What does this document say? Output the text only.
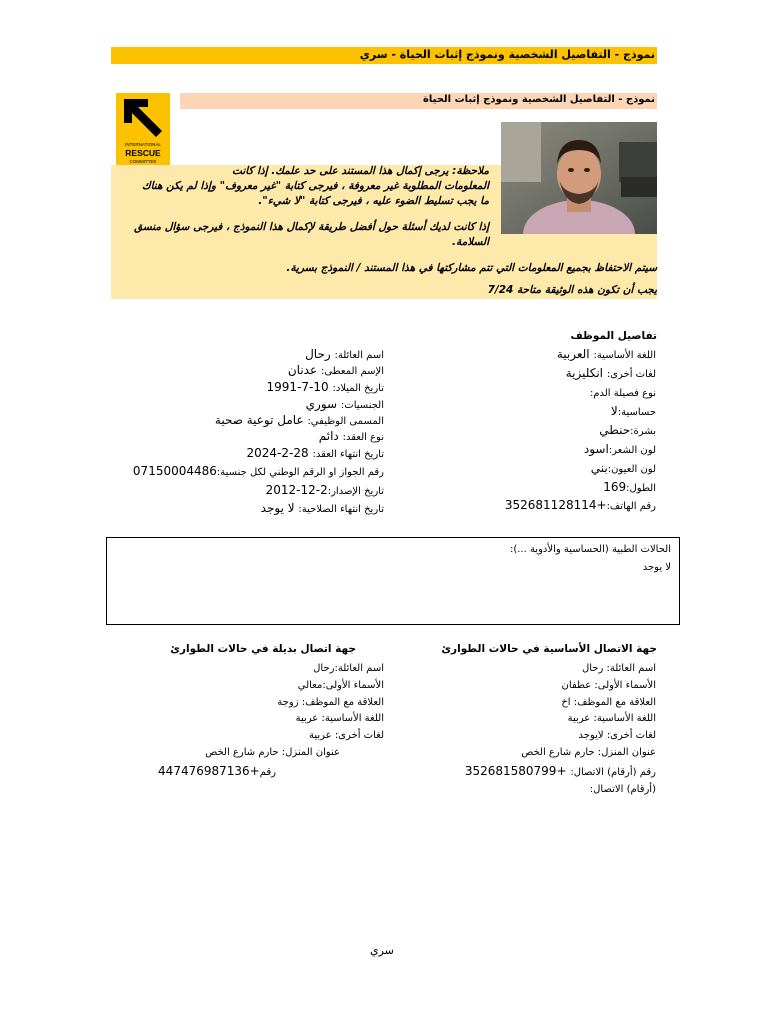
نموذج - التفاصيل الشخصية ونموذج إثبات الحياة - سري
INTERNATIONAL
RESCUE
COMMITTEE
نموذج - التفاصيل الشخصية ونموذج إثبات الحياة
ملاحظة: يرجى إكمال هذا المستند على حد علمك. إذا كانت
المعلومات المطلوبة غير معروفة ، فيرجى كتابة "غير معروف" وإذا لم يكن هناك
ما يجب تسليط الضوء عليه ، فيرجى كتابة "لا شيء".
إذا كانت لديك أسئلة حول أفضل طريقة لإكمال هذا النموذج ، فيرجى سؤال منسق
السلامة.
سيتم الاحتفاظ بجميع المعلومات التي تتم مشاركتها في هذا المستند / النموذج بسرية.
يجب أن تكون هذه الوثيقة متاحة 7/24
تفاصيل الموظف
اللغة الأساسية: العربية
لغات أخرى: انكليزية
نوع فصيلة الدم:
حساسية:لا
بشرة:حنطي
لون الشعر:اسود
لون العيون:بني
الطول:169
رقم الهاتف:+352681128114
اسم العائلة: رحال
الإسم المعطى: عدنان
تاريخ الميلاد: 10-7-1991
الجنسيات: سوري
المسمى الوظيفي: عامل توعية صحية
نوع العقد: دائم
تاريخ انتهاء العقد: 28-2-2024
رقم الجواز او الرقم الوطني لكل جنسية:07150004486
تاريخ الإصدار:2-12-2012
تاريخ انتهاء الصلاحية: لا يوجد
الحالات الطبية (الحساسية والأدوية ...):
لا يوجد
جهة الاتصال الأساسية في حالات الطوارئ
اسم العائلة: رحال
الأسماء الأولى: عطفان
العلاقة مع الموظف: اخ
اللغة الأساسية: عربية
لغات أخرى: لايوجد
عنوان المنزل: حارم شارع الخص
رقم (أرقام) الاتصال: +352681580799
(أرقام) الاتصال:
جهة اتصال بديلة في حالات الطوارئ
اسم العائلة:رحال
الأسماء الأولى:معالي
العلاقة مع الموظف: زوجة
اللغة الأساسية: عربية
لغات أخرى: عربية
عنوان المنزل: حارم شارع الخص
رقم+447476987136
سري
